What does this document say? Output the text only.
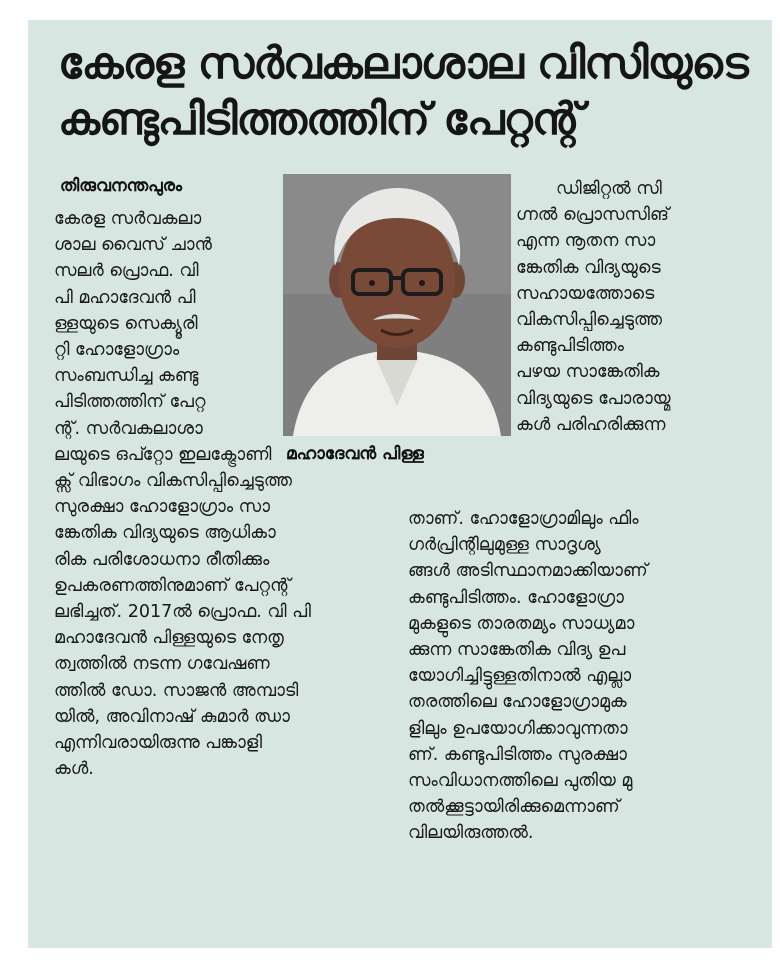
കേരള സർവകലാശാല വിസിയുടെ
കണ്ടുപിടിത്തത്തിന് പേറ്റന്റ്
തിരുവനന്തപുരം
കേരള സർവകലാ
ശാല വൈസ് ചാൻ
സലർ പ്രൊഫ. വി
പി മഹാദേവൻ പി
ള്ളയുടെ സെക്യൂരി
റ്റി ഹോളോഗ്രാം
സംബന്ധിച്ച കണ്ടു
പിടിത്തത്തിന് പേറ്റ
ന്റ്. സർവകലാശാ
ലയുടെ ഒപ്റ്റോ ഇലക്ട്രോണി
ക്സ് വിഭാഗം വികസിപ്പിച്ചെടുത്ത
സുരക്ഷാ ഹോളോഗ്രാം സാ
ങ്കേതിക വിദ്യയുടെ ആധികാ
രിക പരിശോധനാ രീതിക്കും
ഉപകരണത്തിനുമാണ് പേറ്റന്റ്
ലഭിച്ചത്. 2017ൽ പ്രൊഫ. വി പി
മഹാദേവൻ പിള്ളയുടെ നേതൃ
ത്വത്തിൽ നടന്ന ഗവേഷണ
ത്തിൽ ഡോ. സാജൻ അമ്പാടി
യിൽ, അവിനാഷ് കുമാർ ഝാ
എന്നിവരായിരുന്നു പങ്കാളി
കൾ.
മഹാദേവൻ പിള്ള
ഡിജിറ്റൽ സി
ഗ്നൽ പ്രൊസസിങ്
എന്ന നൂതന സാ
ങ്കേതിക വിദ്യയുടെ
സഹായത്തോടെ
വികസിപ്പിച്ചെടുത്ത
കണ്ടുപിടിത്തം
പഴയ സാങ്കേതിക
വിദ്യയുടെ പോരായ്മ
കൾ പരിഹരിക്കുന്ന
താണ്. ഹോളോഗ്രാമിലും ഫിം
ഗർപ്രിന്റിലുമുള്ള സാദൃശ്യ
ങ്ങൾ അടിസ്ഥാനമാക്കിയാണ്
കണ്ടുപിടിത്തം. ഹോളോഗ്രാ
മുകളുടെ താരതമ്യം സാധ്യമാ
ക്കുന്ന സാങ്കേതിക വിദ്യ ഉപ
യോഗിച്ചിട്ടുള്ളതിനാൽ എല്ലാ
തരത്തിലെ ഹോളോഗ്രാമുക
ളിലും ഉപയോഗിക്കാവുന്നതാ
ണ്. കണ്ടുപിടിത്തം സുരക്ഷാ
സംവിധാനത്തിലെ പുതിയ മു
തൽക്കൂട്ടായിരിക്കുമെന്നാണ്
വിലയിരുത്തൽ.
